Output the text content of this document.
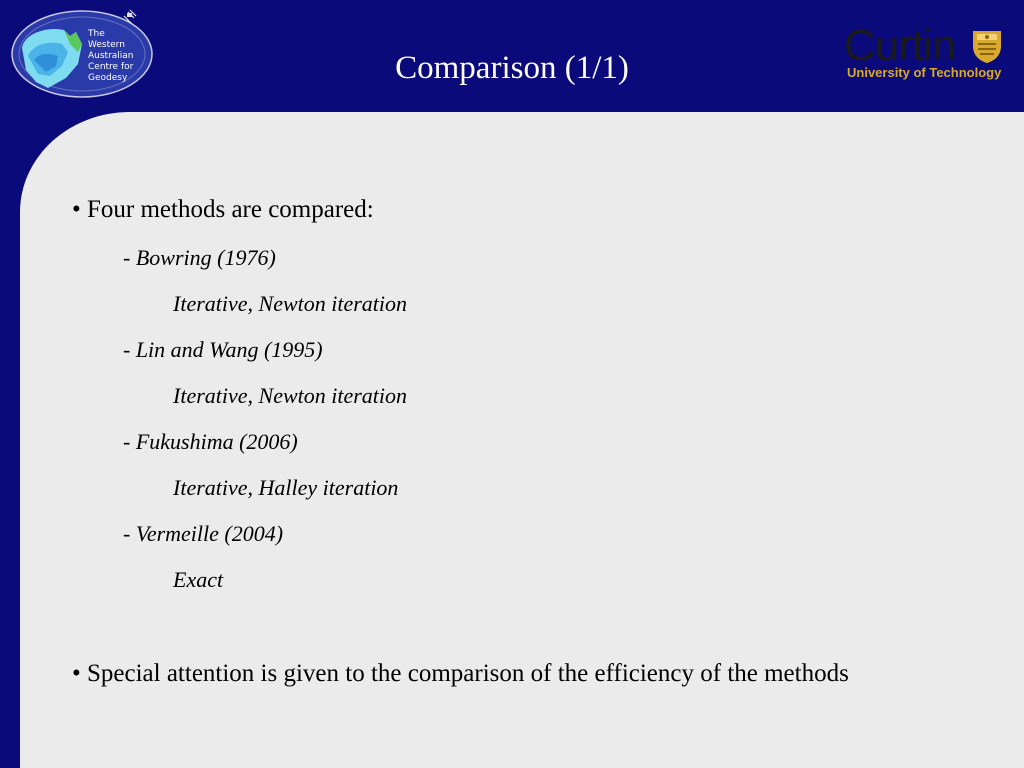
The
Western
Australian
Centre for
Geodesy	Comparison (1/1)	Curtin
University of Technology
• Four methods are compared:
- Bowring (1976)
Iterative, Newton iteration
- Lin and Wang (1995)
Iterative, Newton iteration
- Fukushima (2006)
Iterative, Halley iteration
- Vermeille (2004)
Exact
• Special attention is given to the comparison of the efficiency of the methods
